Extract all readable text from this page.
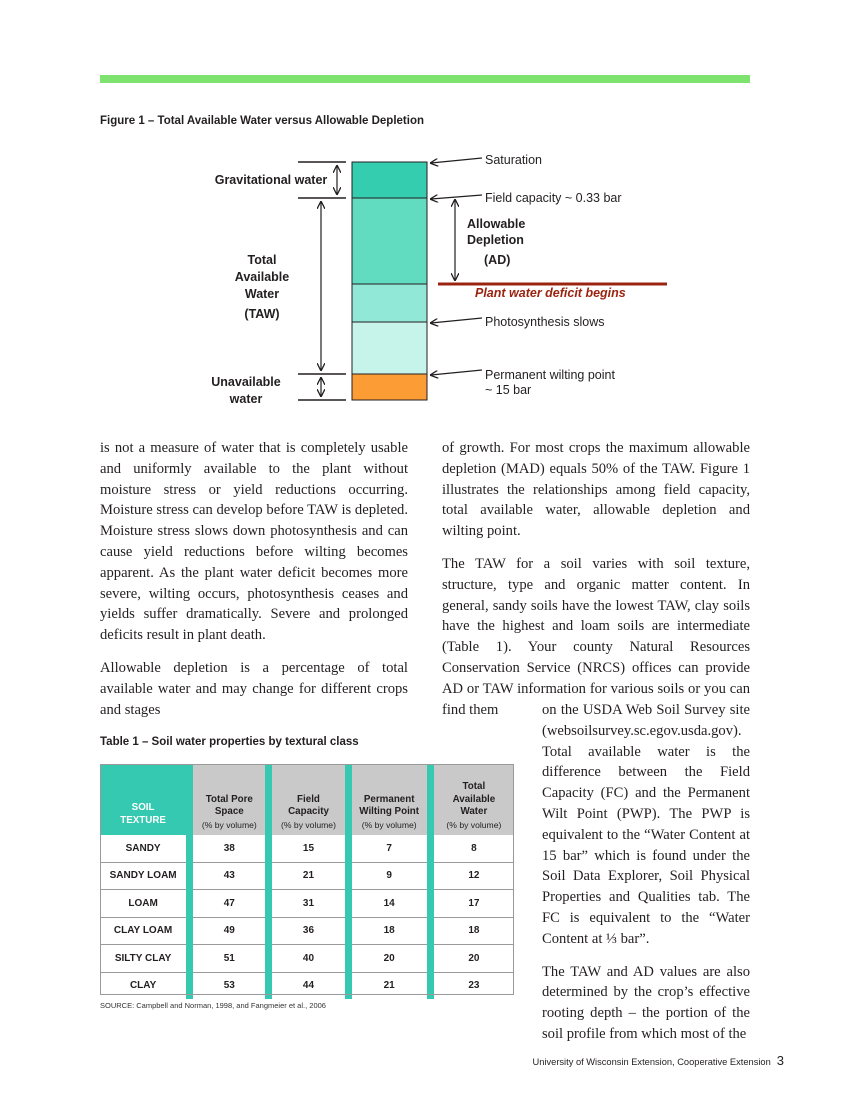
Figure 1 – Total Available Water versus Allowable Depletion
Gravitational water
Total
Available
Water
(TAW)
Unavailable
water
Saturation
Field capacity ~ 0.33 bar
Photosynthesis slows
Permanent wilting point
~ 15 bar
Allowable
Depletion
(AD)
Plant water deficit begins

is not a measure of water that is completely usable and uniformly available to the plant without moisture stress or yield reductions occurring. Moisture stress can develop before TAW is depleted. Moisture stress slows down photosynthesis and can cause yield reductions before wilting becomes apparent. As the plant water deficit becomes more severe, wilting occurs, photosynthesis ceases and yields suffer dramatically. Severe and prolonged deficits result in plant death.

Allowable depletion is a percentage of total available water and may change for different crops and stages

of growth. For most crops the maximum allowable depletion (MAD) equals 50% of the TAW. Figure 1 illustrates the relationships among field capacity, total available water, allowable depletion and wilting point.

The TAW for a soil varies with soil texture, structure, type and organic matter content. In general, sandy soils have the lowest TAW, clay soils have the highest and loam soils are intermediate (Table 1). Your county Natural Resources Conservation Service (NRCS) offices can provide AD or TAW information for various soils or you can find them	on the USDA Web Soil Survey site (websoilsurvey.sc.egov.usda.gov). Total available water is the difference between the Field Capacity (FC) and the Permanent Wilt Point (PWP). The PWP is equivalent to the “Water Content at 15 bar” which is found under the Soil Data Explorer, Soil Physical Properties and Qualities tab. The FC is equivalent to the “Water Content at ⅓ bar”.

The TAW and AD values are also determined by the crop’s effective rooting depth – the portion of the soil profile from which most of the

Table 1 – Soil water properties by textural class
SOIL
TEXTURE		Total Pore
Space
(% by volume)		Field
Capacity
(% by volume)		Permanent
Wilting Point
(% by volume)		Total
Available
Water
(% by volume)

SANDY		38		15		7		8
SANDY LOAM		43		21		9		12
LOAM		47		31		14		17
CLAY LOAM		49		36		18		18
SILTY CLAY		51		40		20		20
CLAY		53		44		21		23
SOURCE: Campbell and Norman, 1998, and Fangmeier et al., 2006
University of Wisconsin Extension, Cooperative Extension 3
